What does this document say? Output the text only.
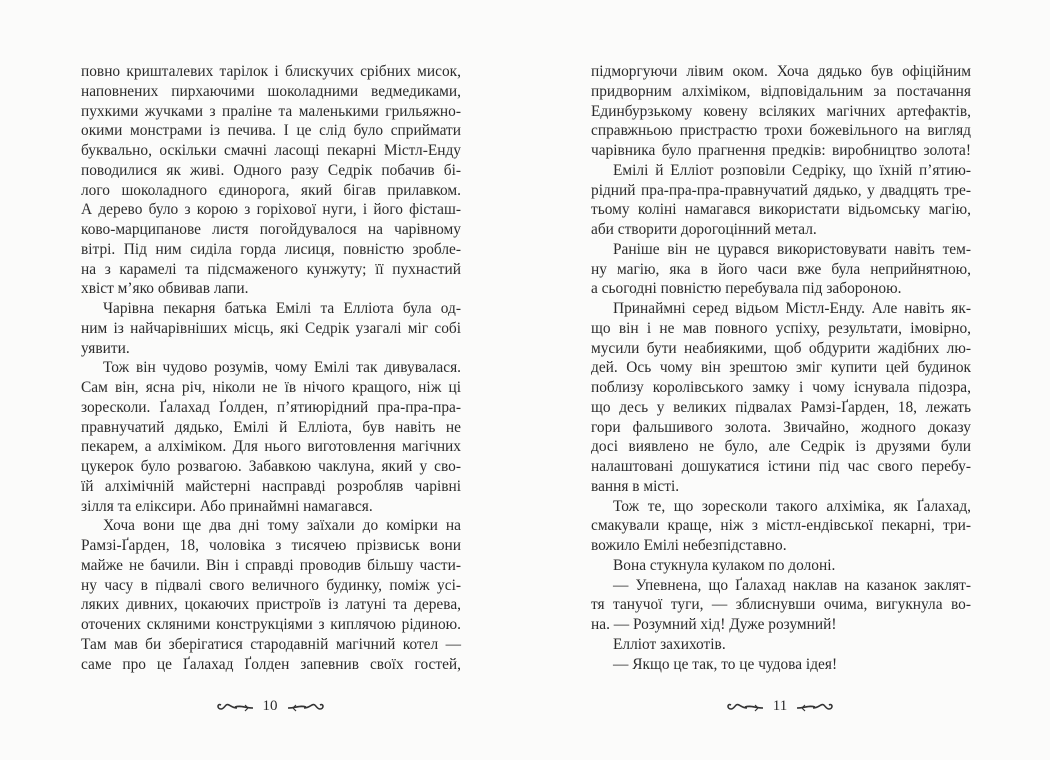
повно кришталевих тарілок і блискучих срібних мисок,
наповнених пирхаючими шоколадними ведмедиками,
пухкими жучками з праліне та маленькими грильяжно-
окими монстрами із печива. І це слід було сприймати
буквально, оскільки смачні ласощі пекарні Містл-Енду
поводилися як живі. Одного разу Седрік побачив бі-
лого шоколадного єдинорога, який бігав прилавком.
А дерево було з корою з горіхової нуги, і його фісташ-
ково-марципанове листя погойдувалося на чарівному
вітрі. Під ним сиділа горда лисиця, повністю зробле-
на з карамелі та підсмаженого кунжуту; її пухнастий
хвіст м’яко обвивав лапи.
Чарівна пекарня батька Емілі та Елліота була од-
ним із найчарівніших місць, які Седрік узагалі міг собі
уявити.
Тож він чудово розумів, чому Емілі так дивувалася.
Сам він, ясна річ, ніколи не їв нічого кращого, ніж ці
зоресколи. Ґалахад Ґолден, п’ятиюрідний пра-пра-пра-
правнучатий дядько, Емілі й Елліота, був навіть не
пекарем, а алхіміком. Для нього виготовлення магічних
цукерок було розвагою. Забавкою чаклуна, який у сво-
їй алхімічній майстерні насправді розробляв чарівні
зілля та еліксири. Або принаймні намагався.
Хоча вони ще два дні тому заїхали до комірки на
Рамзі-Ґарден, 18, чоловіка з тисячею прізвиськ вони
майже не бачили. Він і справді проводив більшу части-
ну часу в підвалі свого величного будинку, поміж усі-
ляких дивних, цокаючих пристроїв із латуні та дерева,
оточених скляними конструкціями з киплячою рідиною.
Там мав би зберігатися стародавній магічний котел —
саме про це Ґалахад Ґолден запевнив своїх гостей,
підморгуючи лівим оком. Хоча дядько був офіційним
придворним алхіміком, відповідальним за постачання
Единбурзькому ковену всіляких магічних артефактів,
справжньою пристрастю трохи божевільного на вигляд
чарівника було прагнення предків: виробництво золота!
Емілі й Елліот розповіли Седріку, що їхній п’ятию-
рідний пра-пра-пра-правнучатий дядько, у двадцять тре-
тьому коліні намагався використати відьомську магію,
аби створити дорогоцінний метал.
Раніше він не цурався використовувати навіть тем-
ну магію, яка в його часи вже була неприйнятною,
а сьогодні повністю перебувала під забороною.
Принаймні серед відьом Містл-Енду. Але навіть як-
що він і не мав повного успіху, результати, імовірно,
мусили бути неабиякими, щоб обдурити жадібних лю-
дей. Ось чому він зрештою зміг купити цей будинок
поблизу королівського замку і чому існувала підозра,
що десь у великих підвалах Рамзі-Ґарден, 18, лежать
гори фальшивого золота. Звичайно, жодного доказу
досі виявлено не було, але Седрік із друзями були
налаштовані дошукатися істини під час свого перебу-
вання в місті.
Тож те, що зоресколи такого алхіміка, як Ґалахад,
смакували краще, ніж з містл-ендівської пекарні, три-
вожило Емілі небезпідставно.
Вона стукнула кулаком по долоні.
— Упевнена, що Ґалахад наклав на казанок заклят-
тя танучої туги, — зблиснувши очима, вигукнула во-
на. — Розумний хід! Дуже розумний!
Елліот захихотів.
— Якщо це так, то це чудова ідея!
10	11
